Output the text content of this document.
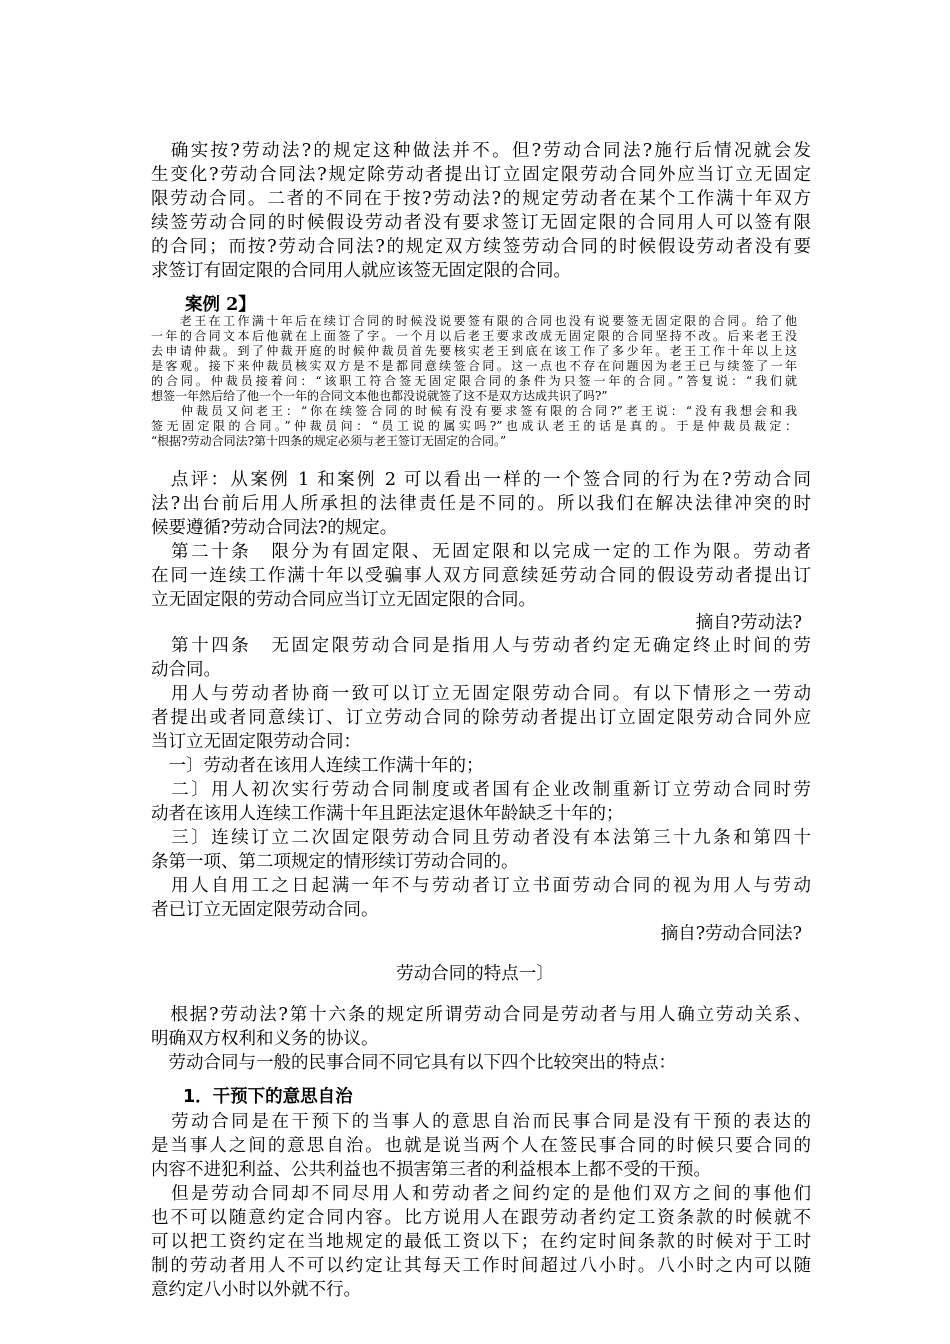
　确实按?劳动法?的规定这种做法并不。但?劳动合同法?施行后情况就会发
生变化?劳动合同法?规定除劳动者提出订立固定限劳动合同外应当订立无固定
限劳动合同。二者的不同在于按?劳动法?的规定劳动者在某个工作满十年双方
续签劳动合同的时候假设劳动者没有要求签订无固定限的合同用人可以签有限
的合同；而按?劳动合同法?的规定双方续签劳动合同的时候假设劳动者没有要
求签订有固定限的合同用人就应该签无固定限的合同。
案例 2】
　　老王在工作满十年后在续订合同的时候没说要签有限的合同也没有说要签无固定限的合同。给了他
一年的合同文本后他就在上面签了字。一个月以后老王要求改成无固定限的合同坚持不改。后来老王没
去申请仲裁。到了仲裁开庭的时候仲裁员首先要核实老王到底在该工作了多少年。老王工作十年以上这
是客观。接下来仲裁员核实双方是不是都同意续签合同。这一点也不存在问题因为老王已与续签了一年
的合同。仲裁员接着问：“该职工符合签无固定限合同的条件为只签一年的合同。”答复说：“我们就
想签一年然后给了他一个一年的合同文本他也都没说就签了这不是双方达成共识了吗?”
　　仲裁员又问老王：“你在续签合同的时候有没有要求签有限的合同?”老王说：“没有我想会和我
签无固定限的合同。”仲裁员问：“员工说的属实吗?”也成认老王的话是真的。于是仲裁员裁定：
“根据?劳动合同法?第十四条的规定必须与老王签订无固定的合同。”
　点评：从案例 1 和案例 2 可以看出一样的一个签合同的行为在?劳动合同
法?出台前后用人所承担的法律责任是不同的。所以我们在解决法律冲突的时
候要遵循?劳动合同法?的规定。
　第二十条　限分为有固定限、无固定限和以完成一定的工作为限。劳动者
在同一连续工作满十年以受骗事人双方同意续延劳动合同的假设劳动者提出订
立无固定限的劳动合同应当订立无固定限的合同。
摘自?劳动法?
　第十四条　无固定限劳动合同是指用人与劳动者约定无确定终止时间的劳
动合同。
　用人与劳动者协商一致可以订立无固定限劳动合同。有以下情形之一劳动
者提出或者同意续订、订立劳动合同的除劳动者提出订立固定限劳动合同外应
当订立无固定限劳动合同：
　一〕劳动者在该用人连续工作满十年的；
　二〕用人初次实行劳动合同制度或者国有企业改制重新订立劳动合同时劳
动者在该用人连续工作满十年且距法定退休年龄缺乏十年的；
　三〕连续订立二次固定限劳动合同且劳动者没有本法第三十九条和第四十
条第一项、第二项规定的情形续订劳动合同的。
　用人自用工之日起满一年不与劳动者订立书面劳动合同的视为用人与劳动
者已订立无固定限劳动合同。
摘自?劳动合同法?
劳动合同的特点一〕
　根据?劳动法?第十六条的规定所谓劳动合同是劳动者与用人确立劳动关系、
明确双方权利和义务的协议。
　劳动合同与一般的民事合同不同它具有以下四个比较突出的特点：
1．干预下的意思自治
　劳动合同是在干预下的当事人的意思自治而民事合同是没有干预的表达的
是当事人之间的意思自治。也就是说当两个人在签民事合同的时候只要合同的
内容不进犯利益、公共利益也不损害第三者的利益根本上都不受的干预。
　但是劳动合同却不同尽用人和劳动者之间约定的是他们双方之间的事他们
也不可以随意约定合同内容。比方说用人在跟劳动者约定工资条款的时候就不
可以把工资约定在当地规定的最低工资以下；在约定时间条款的时候对于工时
制的劳动者用人不可以约定让其每天工作时间超过八小时。八小时之内可以随
意约定八小时以外就不行。
